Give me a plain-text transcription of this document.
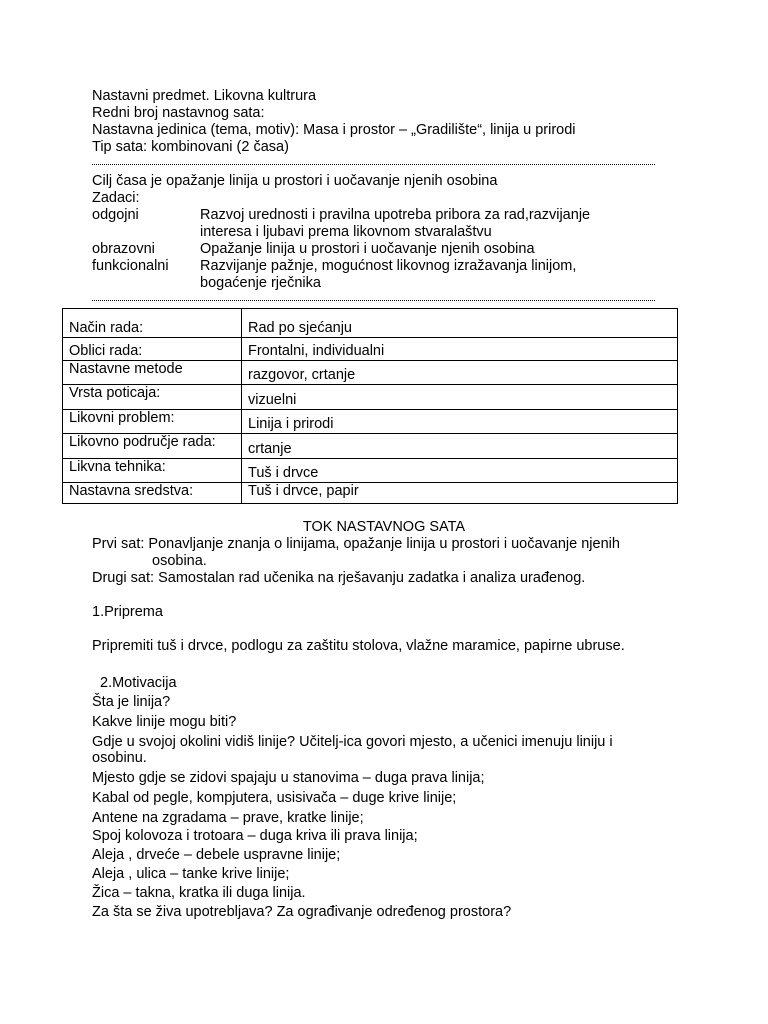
Nastavni predmet. Likovna kultrura
Redni broj nastavnog sata:
Nastavna jedinica (tema, motiv): Masa i prostor – „Gradilište“, linija u prirodi
Tip sata: kombinovani (2 časa)
Cilj časa je opažanje linija u prostori i uočavanje njenih osobina
Zadaci:
odgojni	Razvoj urednosti i pravilna upotreba pribora za rad,razvijanje
interesa i ljubavi prema likovnom stvaralaštvu
obrazovni	Opažanje linija u prostori i uočavanje njenih osobina
funkcionalni Razvijanje pažnje, mogućnost likovnog izražavanja linijom,
bogaćenje rječnika
Način rada:	Rad po sjećanju
Oblici rada:	Frontalni, individualni
Nastavne metode	razgovor, crtanje
Vrsta poticaja:	vizuelni
Likovni problem:	Linija i prirodi
Likovno područje rada:	crtanje
Likvna tehnika:	Tuš i drvce
Nastavna sredstva:	Tuš i drvce, papir
TOK NASTAVNOG SATA
Prvi sat: Ponavljanje znanja o linijama, opažanje linija u prostori i uočavanje njenih
osobina.
Drugi sat: Samostalan rad učenika na rješavanju zadatka i analiza urađenog.
1.Priprema
Pripremiti tuš i drvce, podlogu za zaštitu stolova, vlažne maramice, papirne ubruse.
2.Motivacija
Šta je linija?
Kakve linije mogu biti?
Gdje u svojoj okolini vidiš linije? Učitelj-ica govori mjesto, a učenici imenuju liniju i
osobinu.
Mjesto gdje se zidovi spajaju u stanovima – duga prava linija;
Kabal od pegle, kompjutera, usisivača – duge krive linije;
Antene na zgradama – prave, kratke linije;
Spoj kolovoza i trotoara – duga kriva ili prava linija;
Aleja , drveće – debele uspravne linije;
Aleja , ulica – tanke krive linije;
Žica – takna, kratka ili duga linija.
Za šta se živa upotrebljava? Za ograđivanje određenog prostora?
